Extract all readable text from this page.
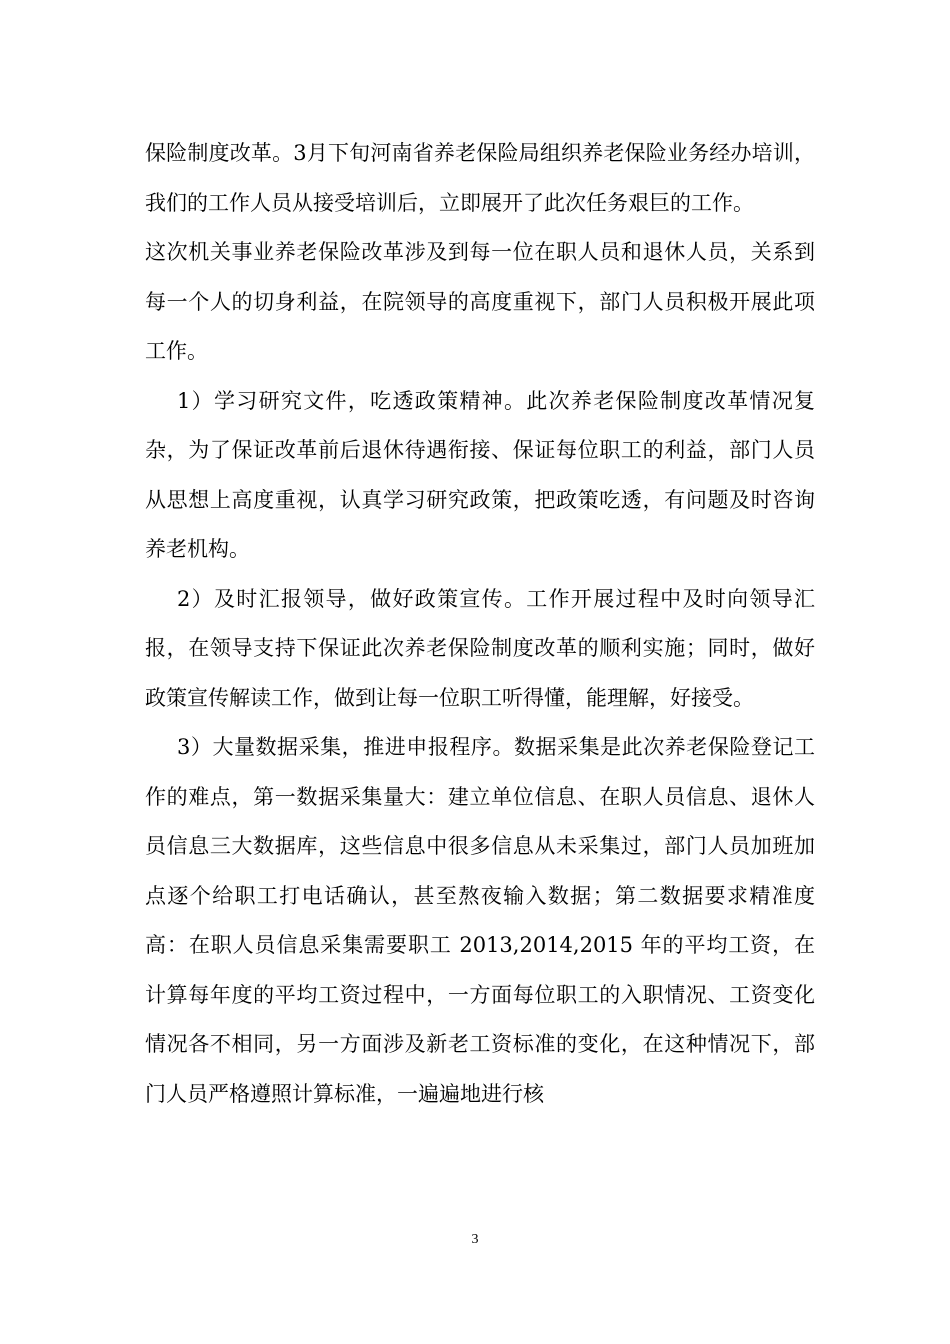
保险制度改革。3月下旬河南省养老保险局组织养老保险业务经办培训，我们的工作人员从接受培训后，立即展开了此次任务艰巨的工作。

这次机关事业养老保险改革涉及到每一位在职人员和退休人员，关系到每一个人的切身利益，在院领导的高度重视下，部门人员积极开展此项工作。

1）学习研究文件，吃透政策精神。此次养老保险制度改革情况复杂，为了保证改革前后退休待遇衔接、保证每位职工的利益，部门人员从思想上高度重视，认真学习研究政策，把政策吃透，有问题及时咨询养老机构。

2）及时汇报领导，做好政策宣传。工作开展过程中及时向领导汇报，在领导支持下保证此次养老保险制度改革的顺利实施；同时，做好政策宣传解读工作，做到让每一位职工听得懂，能理解，好接受。

3）大量数据采集，推进申报程序。数据采集是此次养老保险登记工作的难点，第一数据采集量大：建立单位信息、在职人员信息、退休人员信息三大数据库，这些信息中很多信息从未采集过，部门人员加班加点逐个给职工打电话确认，甚至熬夜输入数据；第二数据要求精准度高：在职人员信息采集需要职工 2013,2014,2015 年的平均工资，在计算每年度的平均工资过程中，一方面每位职工的入职情况、工资变化情况各不相同，另一方面涉及新老工资标准的变化，在这种情况下，部门人员严格遵照计算标准，一遍遍地进行核

3
